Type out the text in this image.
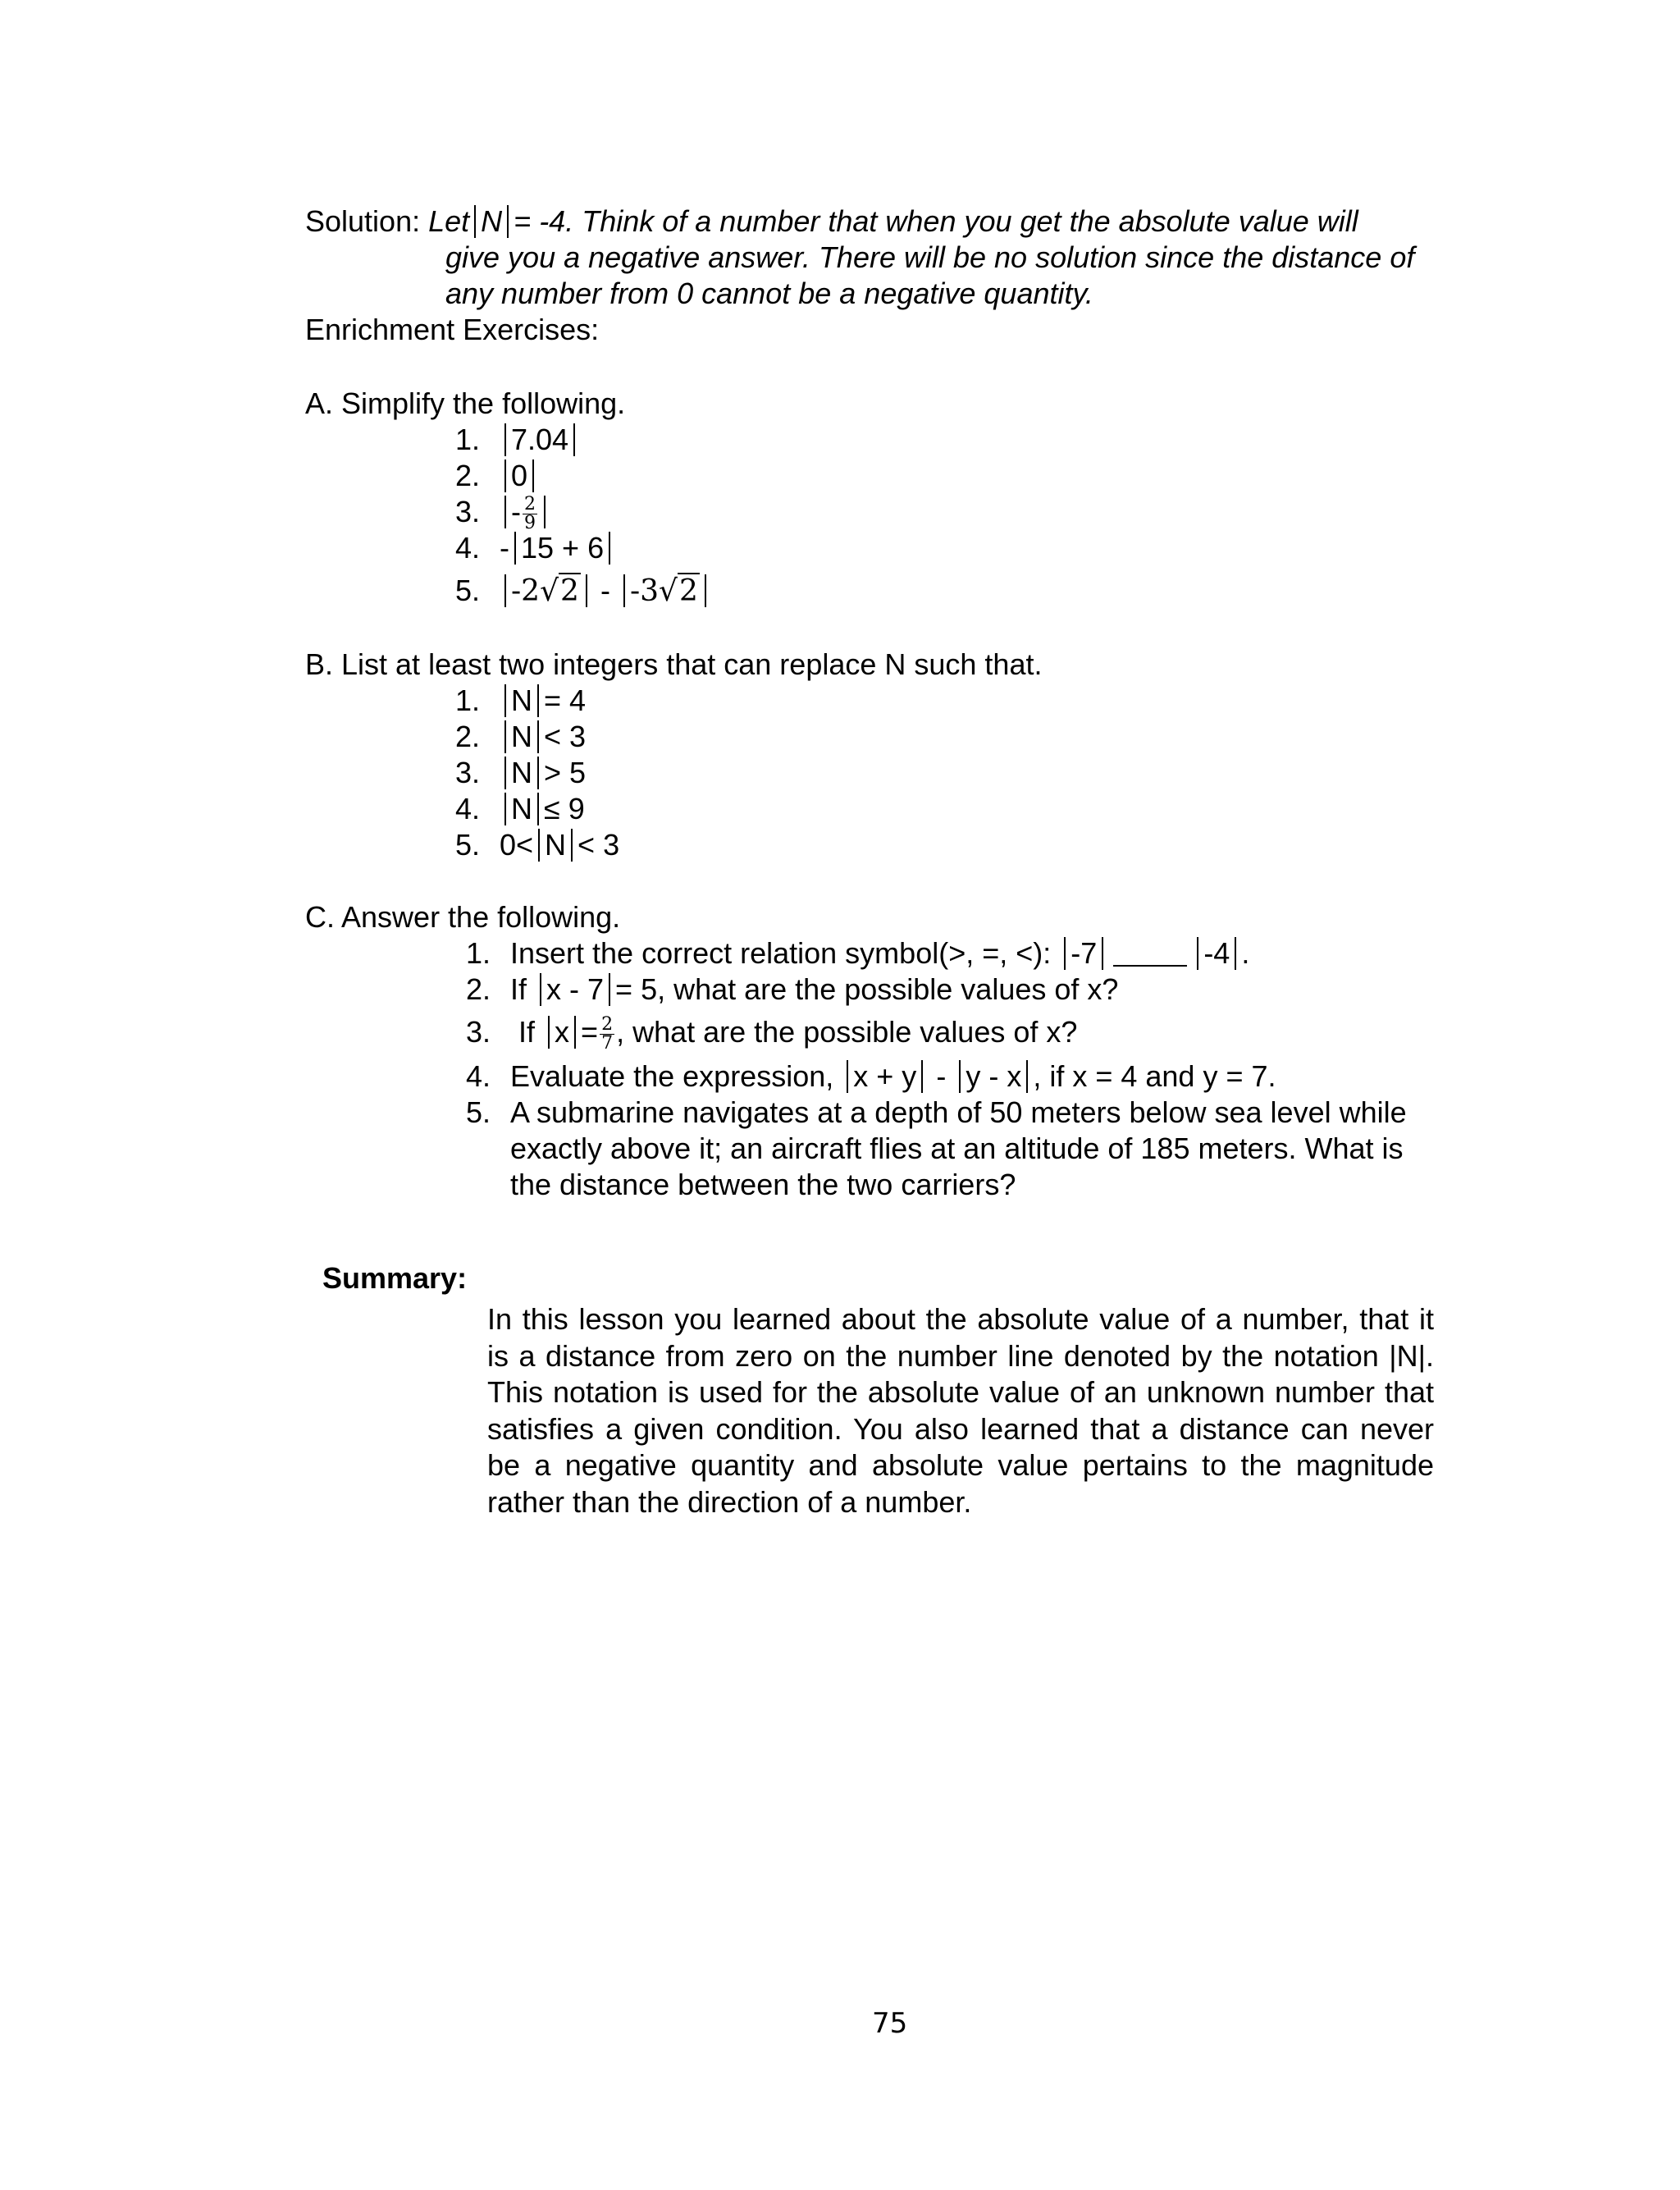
Solution: Let N = -4. Think of a number that when you get the absolute value will
give you a negative answer. There will be no solution since the distance of
any number from 0 cannot be a negative quantity.
Enrichment Exercises:
A. Simplify the following.
1. 7.04
2. 0
3. - $\frac{2}{9}$
4. - 15 + 6
5. -2√2 - -3√2
B. List at least two integers that can replace N such that.
1. N = 4
2. N < 3
3. N > 5
4. N ≤ 9
5. 0< N < 3
C. Answer the following.
1. Insert the correct relation symbol(>, =, <): -7	-4 .
2. If x - 7 = 5, what are the possible values of x?
3. If $x = \frac{2}{7}$ , what are the possible values of x?
4. Evaluate the expression, x + y - y - x , if x = 4 and y = 7.
5. A submarine navigates at a depth of 50 meters below sea level while
exactly above it; an aircraft flies at an altitude of 185 meters. What is
the distance between the two carriers?
Summary:
In this lesson you learned about the absolute value of a number, that it is a distance from zero on the number line denoted by the notation |N|. This notation is used for the absolute value of an unknown number that satisfies a given condition. You also learned that a distance can never be a negative quantity and absolute value pertains to the magnitude rather than the direction of a number.
75
